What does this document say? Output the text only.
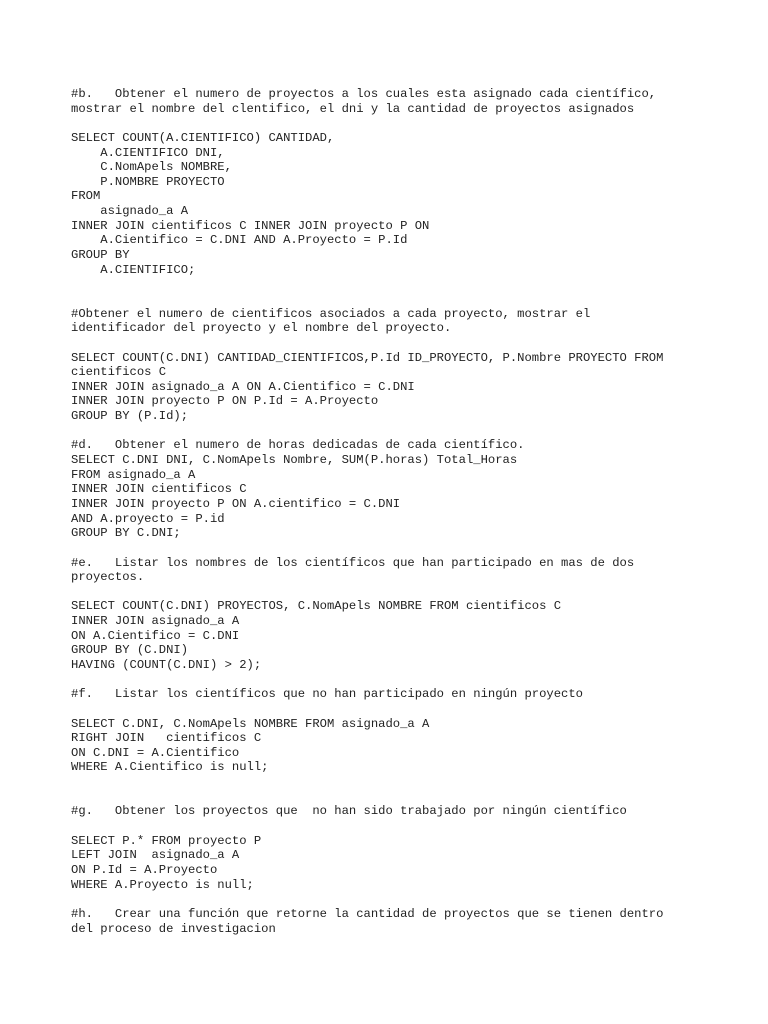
#b.   Obtener el numero de proyectos a los cuales esta asignado cada científico,
mostrar el nombre del clentifico, el dni y la cantidad de proyectos asignados
SELECT COUNT(A.CIENTIFICO) CANTIDAD,
A.CIENTIFICO DNI,
C.NomApels NOMBRE,
P.NOMBRE PROYECTO
FROM
asignado_a A
INNER JOIN cientificos C INNER JOIN proyecto P ON
A.Cientifico = C.DNI AND A.Proyecto = P.Id
GROUP BY
A.CIENTIFICO;
#Obtener el numero de cientificos asociados a cada proyecto, mostrar el
identificador del proyecto y el nombre del proyecto.
SELECT COUNT(C.DNI) CANTIDAD_CIENTIFICOS,P.Id ID_PROYECTO, P.Nombre PROYECTO FROM
cientificos C
INNER JOIN asignado_a A ON A.Cientifico = C.DNI
INNER JOIN proyecto P ON P.Id = A.Proyecto
GROUP BY (P.Id);
#d.   Obtener el numero de horas dedicadas de cada científico.
SELECT C.DNI DNI, C.NomApels Nombre, SUM(P.horas) Total_Horas
FROM asignado_a A
INNER JOIN cientificos C
INNER JOIN proyecto P ON A.cientifico = C.DNI
AND A.proyecto = P.id
GROUP BY C.DNI;
#e.   Listar los nombres de los científicos que han participado en mas de dos
proyectos.
SELECT COUNT(C.DNI) PROYECTOS, C.NomApels NOMBRE FROM cientificos C
INNER JOIN asignado_a A
ON A.Cientifico = C.DNI
GROUP BY (C.DNI)
HAVING (COUNT(C.DNI) > 2);
#f.   Listar los científicos que no han participado en ningún proyecto
SELECT C.DNI, C.NomApels NOMBRE FROM asignado_a A
RIGHT JOIN   cientificos C
ON C.DNI = A.Cientifico
WHERE A.Cientifico is null;
#g.   Obtener los proyectos que  no han sido trabajado por ningún científico
SELECT P.* FROM proyecto P
LEFT JOIN  asignado_a A
ON P.Id = A.Proyecto
WHERE A.Proyecto is null;
#h.   Crear una función que retorne la cantidad de proyectos que se tienen dentro
del proceso de investigacion
